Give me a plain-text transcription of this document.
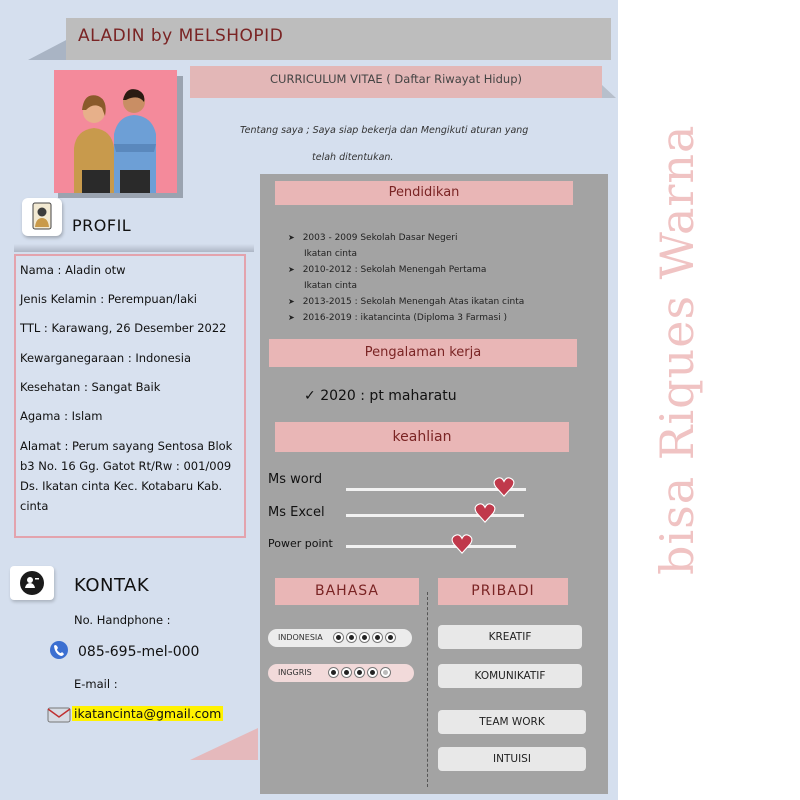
ALADIN by MELSHOPID
CURRICULUM VITAE ( Daftar Riwayat Hidup)
Tentang saya ; Saya siap bekerja dan Mengikuti aturan yang
telah ditentukan.
PROFIL
Nama : Aladin otw
Jenis Kelamin : Perempuan/laki
TTL : Karawang, 26 Desember 2022
Kewarganegaraan : Indonesia
Kesehatan : Sangat Baik
Agama : Islam
Alamat : Perum sayang Sentosa Blok
b3 No. 16 Gg. Gatot Rt/Rw : 001/009
Ds. Ikatan cinta Kec. Kotabaru Kab.
cinta
KONTAK
No. Handphone :
085-695-mel-000
E-mail :
ikatancinta@gmail.com
Pendidikan
➤ 2003 - 2009 Sekolah Dasar Negeri
Ikatan cinta
➤ 2010-2012 : Sekolah Menengah Pertama
Ikatan cinta
➤ 2013-2015 : Sekolah Menengah Atas ikatan cinta
➤ 2016-2019 : ikatancinta (Diploma 3 Farmasi )
Pengalaman kerja
✓ 2020 : pt maharatu
keahlian
Ms word
Ms Excel
Power point
BAHASA
INDONESIA
INGGRIS
PRIBADI
KREATIF
KOMUNIKATIF
TEAM WORK
INTUISI
bisa Riques Warna
